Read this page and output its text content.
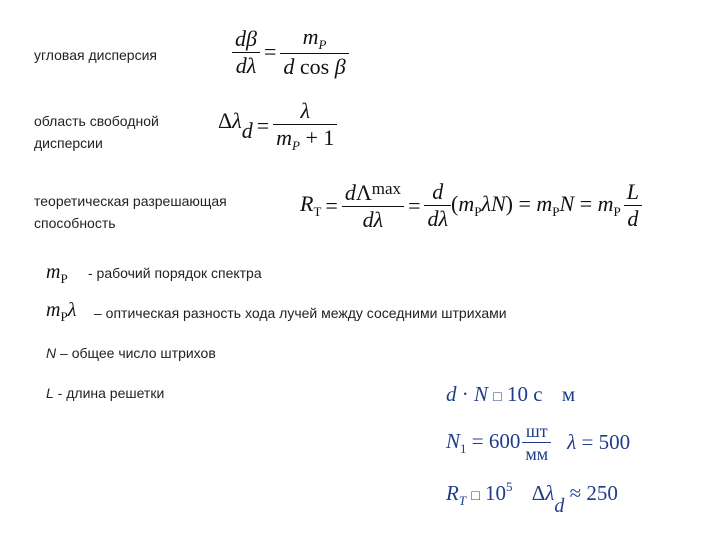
угловая дисперсия	$\frac{d\beta}{d\lambda} = \frac{m_P}{\text{d cos β}}$
область свободной дисперсии
$\Delta\lambda d = \frac{\lambda}{m_P + 1}$
теоретическая разрешающая способность
$R_T = \frac{d\Lambda^{max}}{d\lambda} = \frac{d}{d\lambda} (m_P\lambda N) = m_PN = m_P \frac{L}{d}$
$m_P$ - рабочий порядок спектра
$m_P\lambda$ – оптическая разность хода лучей между соседними штрихами
N – общее число штрихов
L - длина решетки	d · N □ 10 с м
$N_1 = 600 \frac{шт}{мм}$ λ = 500
$R_T$ □ $10^5$ Δλd ≈ 250
